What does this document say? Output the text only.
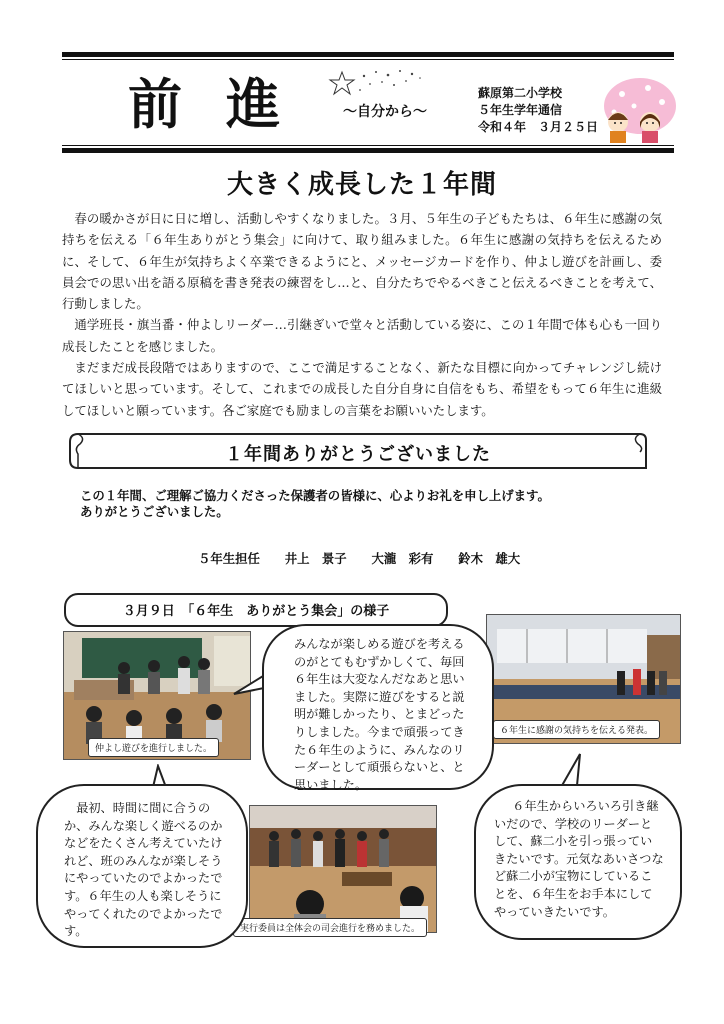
前 進	～自分から～
蘇原第二小学校
５年生学年通信
令和４年　３月２５日
大きく成長した１年間

春の暖かさが日に日に増し、活動しやすくなりました。３月、５年生の子どもたちは、６年生に感謝の気持ちを伝える「６年生ありがとう集会」に向けて、取り組みました。６年生に感謝の気持ちを伝えるために、そして、６年生が気持ちよく卒業できるようにと、メッセージカードを作り、仲よし遊びを計画し、委員会での思い出を語る原稿を書き発表の練習をし…と、自分たちでやるべきこと伝えるべきことを考えて、行動しました。

通学班長・旗当番・仲よしリーダー…引継ぎいで堂々と活動している姿に、この１年間で体も心も一回り成長したことを感じました。

まだまだ成長段階ではありますので、ここで満足することなく、新たな目標に向かってチャレンジし続けてほしいと思っています。そして、これまでの成長した自分自身に自信をもち、希望をもって６年生に進級してほしいと願っています。各ご家庭でも励ましの言葉をお願いいたします。

１年間ありがとうございました
この１年間、ご理解ご協力くださった保護者の皆様に、心よりお礼を申し上げます。
ありがとうございました。
５年生担任　　井上　景子　　大瀧　彩有　　鈴木　雄大
３月９日　「６年生　ありがとう集会」の様子
仲よし遊びを進行しました。
６年生に感謝の気持ちを伝える発表。
実行委員は全体会の司会進行を務めました。

みんなが楽しめる遊びを考えるのがとてもむずかしくて、毎回６年生は大変なんだなあと思いました。実際に遊びをすると説明が難しかったり、とまどったりしました。今まで頑張ってきた６年生のように、みんなのリーダーとして頑張らないと、と思いました。

最初、時間に間に合うのか、みんな楽しく遊べるのかなどをたくさん考えていたけれど、班のみんなが楽しそうにやっていたのでよかったです。６年生の人も楽しそうにやってくれたのでよかったです。

６年生からいろいろ引き継いだので、学校のリーダーとして、蘇二小を引っ張っていきたいです。元気なあいさつなど蘇二小が宝物にしていることを、６年生をお手本にしてやっていきたいです。
